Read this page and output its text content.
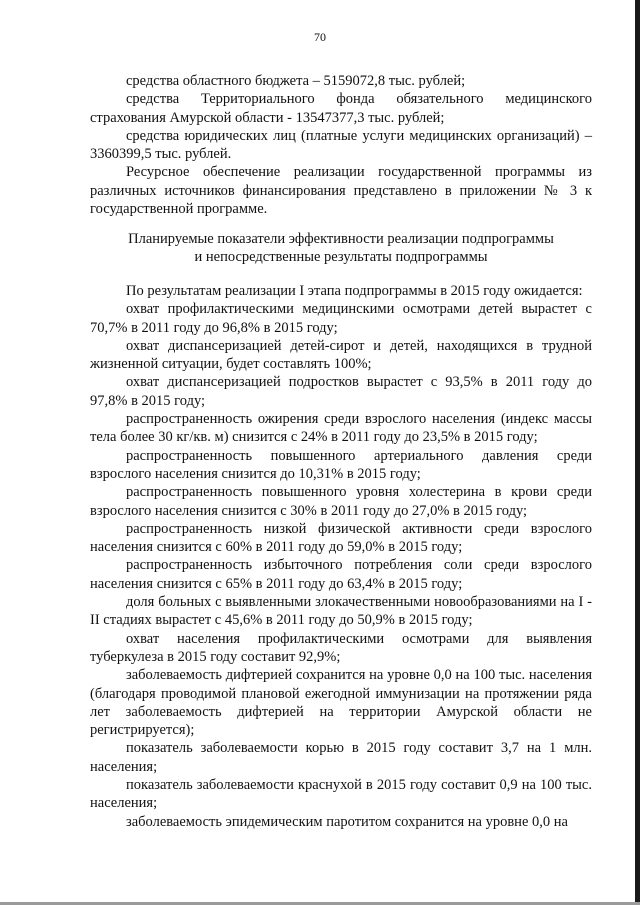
70

средства областного бюджета – 5159072,8 тыс. рублей;

средства Территориального фонда обязательного медицинского страхования Амурской области - 13547377,3 тыс. рублей;

средства юридических лиц (платные услуги медицинских организаций) – 3360399,5 тыс. рублей.

Ресурсное обеспечение реализации государственной программы из различных источников финансирования представлено в приложении № 3 к государственной программе.

Планируемые показатели эффективности реализации подпрограммы
и непосредственные результаты подпрограммы

По результатам реализации I этапа подпрограммы в 2015 году ожидается:

охват профилактическими медицинскими осмотрами детей вырастет с 70,7% в 2011 году до 96,8% в 2015 году;

охват диспансеризацией детей-сирот и детей, находящихся в трудной жизненной ситуации, будет составлять 100%;

охват диспансеризацией подростков вырастет с 93,5% в 2011 году до 97,8% в 2015 году;

распространенность ожирения среди взрослого населения (индекс массы тела более 30 кг/кв. м) снизится с 24% в 2011 году до 23,5% в 2015 году;

распространенность повышенного артериального давления среди взрослого населения снизится до 10,31% в 2015 году;

распространенность повышенного уровня холестерина в крови среди взрослого населения снизится с 30% в 2011 году до 27,0% в 2015 году;

распространенность низкой физической активности среди взрослого населения снизится с 60% в 2011 году до 59,0% в 2015 году;

распространенность избыточного потребления соли среди взрослого населения снизится с 65% в 2011 году до 63,4% в 2015 году;

доля больных с выявленными злокачественными новообразованиями на I - II стадиях вырастет с 45,6% в 2011 году до 50,9% в 2015 году;

охват населения профилактическими осмотрами для выявления туберкулеза в 2015 году составит 92,9%;

заболеваемость дифтерией сохранится на уровне 0,0 на 100 тыс. населения (благодаря проводимой плановой ежегодной иммунизации на протяжении ряда лет заболеваемость дифтерией на территории Амурской области не регистрируется);

показатель заболеваемости корью в 2015 году составит 3,7 на 1 млн. населения;

показатель заболеваемости краснухой в 2015 году составит 0,9 на 100 тыс. населения;

заболеваемость эпидемическим паротитом сохранится на уровне 0,0 на
